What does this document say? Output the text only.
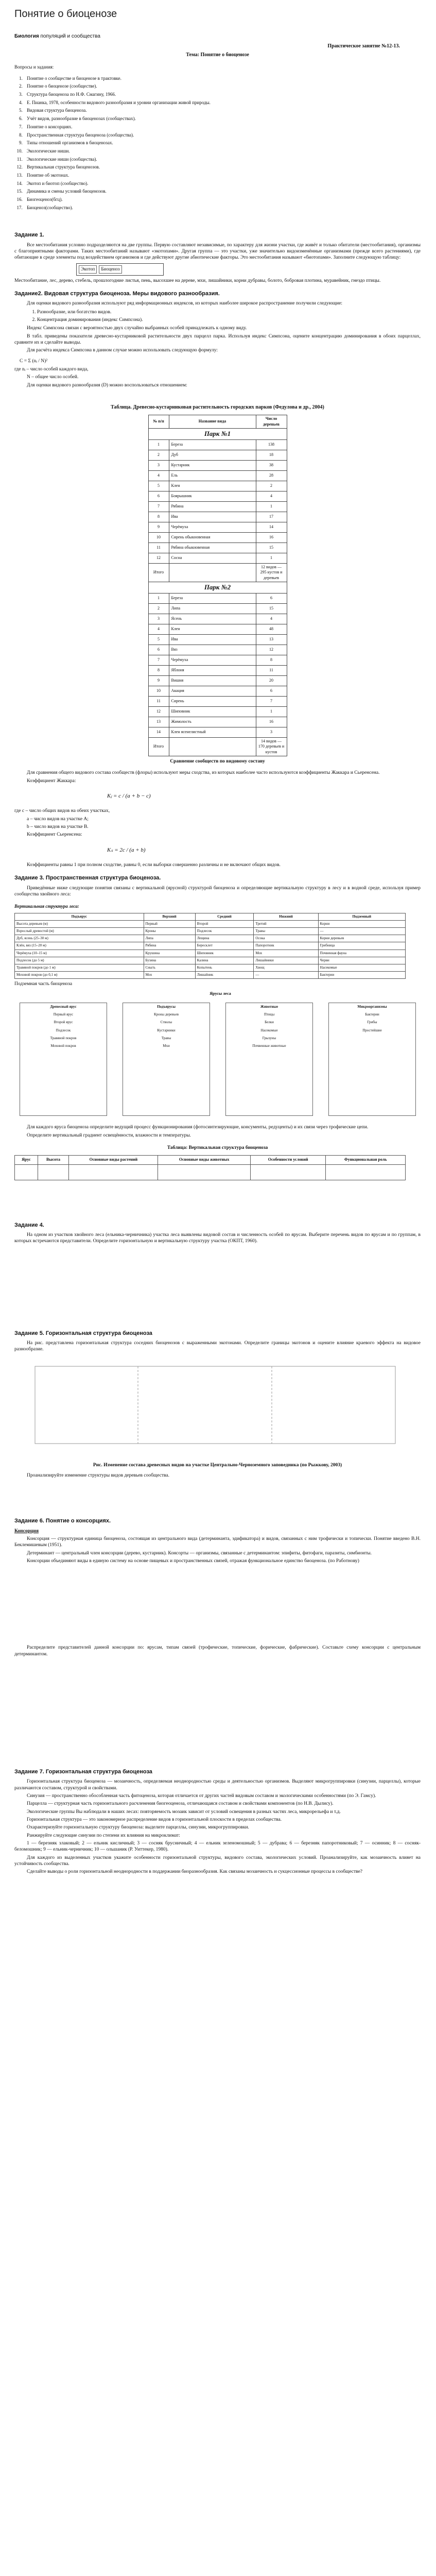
Понятие о биоценозе
Биология популяций и сообщества
Практическое занятие №12-13.
Тема: Понятие о биоценозе
Вопросы и задания:
1. Понятие о сообществе и биоценозе в трактовке.
2. Понятие о биоценозе (сообществе).
3. Структура биоценоза по Н.Ф. Смагину, 1966.
4. Е. Пианка, 1978, особенности видового разнообразия и уровни организации живой природы.
5. Видовая структура биоценоза.
6. Учёт видов, разнообразие в биоценозах (сообществах).
7. Понятие о консорциях.
8. Пространственная структура биоценоза (сообщества).
9. Типы отношений организмов в биоценозах.
10. Экологические ниши.
11. Экологические ниши (сообщества).
12. Вертикальная структура биоценозов.
13. Понятие об экотонах.
14. Экотоп и биотоп (сообщество).
15. Динамика и смены условий биоценозов.
16. Биогеоценоз(бгц).
17. Биоценоз(сообщество).
Задание 1.

Все местообитания условно подразделяются на две группы. Первую составляют независимые, по характеру для жизни участки, где живёт и только обитатели (местообитания), организмы с благоприятными факторами. Таких местообитаний называют «экотопами». Другая группа — это участки, уже значительно видоизменённые организмами (прежде всего растениями), где обитающие в среде элементы под воздействием организмов и где действуют другие абиотические факторы. Это местообитания называют «биотопами». Заполните следующую таблицу:

Экотоп	Биоценоз

Местообитание, лес, дерево, стебель, прошлогодние листья, пень, высохшее на дереве, мхи, лишайники, корни дубравы, болото, бобровая плотина, муравейник, гнездо птицы.

Задание2. Видовая структура биоценоза. Меры видового разнообразия.

Для оценки видового разнообразия используют ряд информационных индексов, из которых наиболее широкое распространение получили следующие:

1. Разнообразие, или богатство видов.
2. Концентрация доминирования (индекс Симпсона).

Индекс Симпсона связан с вероятностью двух случайно выбранных особей принадлежать к одному виду.

В табл. приведены показатели древесно-кустарниковой растительности двух парцелл парка. Используя индекс Симпсона, оцените концентрацию доминирования в обоих парцеллах, сравните их и сделайте выводы.

Для расчёта индекса Симпсона в данном случае можно использовать следующую формулу:

C = Σ (nᵢ / N)²

где nᵢ – число особей каждого вида,

N – общее число особей.

Для оценки видового разнообразия (D) можно воспользоваться отношением:

Таблица. Древесно-кустарниковая растительность городских парков (Федулова и др., 2004)
№ п/п	Название вида	Число деревьев
Парк №1		
1	Береза	138
2	Дуб	18
3	Кустарник	38
4	Ель	28
5	Клен	2
6	Боярышник	4
7	Рябина	1
8	Ива	17
9	Черёмуха	14
10	Сирень обыкновенная	16
11	Рябина обыкновенная	15
12	Сосна	1
Итого		12 видов — 295 кустов и деревьев
Парк №2		
1	Береза	6
2	Липа	15
3	Ясень	4
4	Клен	48
5	Ива	13
6	Вяз	12
7	Черёмуха	8
8	Яблоня	11
9	Вишня	20
10	Акация	6
11	Сирень	7
12	Шиповник	1
13	Жимолость	16
14	Клен ясенелистный	3
Итого		14 видов — 170 деревьев и кустов
Сравнение сообществ по видовому составу

Для сравнения общего видового состава сообществ (флоры) используют меры сходства, из которых наиболее часто используются коэффициенты Жаккара и Сьеренсена.

Коэффициент Жаккара:

Kⱼ = c / (a + b − c)

где c – число общих видов на обеих участках,

a – число видов на участке А;

b – число видов на участке В.

Коэффициент Сьеренсена:

Kₛ = 2c / (a + b)

Коэффициенты равны 1 при полном сходстве, равны 0, если выборки совершенно различны и не включают общих видов.

Задание 3. Пространственная структура биоценоза.

Приведённые ниже следующие понятия связаны с вертикальной (ярусной) структурой биоценоза и определяющие вертикальную структуру в лесу и в водной среде, используя пример сообщества хвойного леса:

Вертикальная структура леса:
Подъярус	Верхний	Средний	Нижний	Подземный
Высота деревьев (м)	Первый	Второй	Третий	Корни
Взрослый древостой (м)	Кроны	Подлесок	Травы	—
Дуб, ясень (25–30 м)	Липа	Лещина	Осока	Корни деревьев
Клён, вяз (15–20 м)	Рябина	Бересклет	Папоротник	Грибница
Черёмуха (10–15 м)	Крушина	Шиповник	Мох	Почвенная фауна
Подлесок (до 5 м)	Бузина	Калина	Лишайники	Черви
Травяной покров (до 1 м)	Сныть	Копытень	Хвощ	Насекомые
Моховой покров (до 0,1 м)	Мох	Лишайник	—	Бактерии

Подземная часть биоценоза

Ярусы леса
Древесный ярус
Первый ярус
Второй ярус
Подлесок
Травяной покров
Моховой покров
Подъярусы
Кроны деревьев
Стволы
Кустарники
Травы
Мхи
Животные
Птицы
Белки
Насекомые
Грызуны
Почвенные животные
Микроорганизмы
Бактерии
Грибы
Простейшие

Для каждого яруса биоценоза определите ведущий процесс функционирования (фотосинтезирующие, консументы, редуценты) и их связи через трофические цепи.

Определите вертикальный градиент освещённости, влажности и температуры.

Таблица: Вертикальная структура биоценоза
Ярус	Высота	Основные виды растений	Основные виды животных	Особенности условий	Функциональная роль

Задание 4.

На одном из участков хвойного леса (ельника-черничника) участка леса выявлены видовой состав и численность особей по ярусам. Выберите перечень видов по ярусам и по группам, в которых встречаются представители. Определите горизонтальную и вертикальную структуру участка (ОКПТ, 1960).

Задание 5. Горизонтальная структура биоценоза

На рис. представлена горизонтальная структура соседних биоценозов с выраженными экотонами. Определите границы экотонов и оцените влияние краевого эффекта на видовое разнообразие.

Рис. Изменение состава древесных видов на участке Центрально-Черноземного заповедника (по Рыжкову, 2003)

Проанализируйте изменение структуры видов деревьев сообщества.

Задание 6. Понятие о консорциях.

Консорция

Консорция — структурная единица биоценоза, состоящая из центрального вида (детерминанта, эдификатора) и видов, связанных с ним трофически и топически. Понятие введено В.Н. Беклемишевым (1951).

Детерминант — центральный член консорции (дерево, кустарник). Консорты — организмы, связанные с детерминантом: эпифиты, фитофаги, паразиты, симбионты.

Консорции объединяют виды в единую систему на основе пищевых и пространственных связей, отражая функциональное единство биоценоза. (по Работнову)

Распределите представителей данной консорции по: ярусам, типам связей (трофические, топические, форические, фабрические). Составьте схему консорции с центральным детерминантом.

Задание 7. Горизонтальная структура биоценоза

Горизонтальная структура биоценоза — мозаичность, определяемая неоднородностью среды и деятельностью организмов. Выделяют микрогруппировки (синузии, парцеллы), которые различаются составом, структурой и свойствами.

Синузия — пространственно обособленная часть фитоценоза, которая отличается от других частей видовым составом и экологическими особенностями (по Э. Гамсу).

Парцелла — структурная часть горизонтального расчленения биогеоценоза, отличающаяся составом и свойствами компонентов (по Н.В. Дылису).

Экологические группы Вы наблюдали в наших лесах: повторяемость мозаик зависит от условий освещения в разных частях леса, микрорельефа и т.д.

Горизонтальная структура — это закономерное распределение видов в горизонтальной плоскости в пределах сообщества.

Охарактеризуйте горизонтальную структуру биоценоза: выделите парцеллы, синузии, микрогруппировки.

Ранжируйте следующие синузии по степени их влияния на микроклимат:

1 — березняк злаковый; 2 — ельник кисличный; 3 — сосняк брусничный; 4 — ельник зеленомошный; 5 — дубрава; 6 — березняк папоротниковый; 7 — осинник; 8 — сосняк-беломошник; 9 — ельник-черничник; 10 — ольшаник (Р. Уиттекер, 1980).

Для каждого из выделенных участков укажите особенности горизонтальной структуры, видового состава, экологических условий. Проанализируйте, как мозаичность влияет на устойчивость сообщества.

Сделайте выводы о роли горизонтальной неоднородности в поддержании биоразнообразия. Как связаны мозаичность и сукцессионные процессы в сообществе?
